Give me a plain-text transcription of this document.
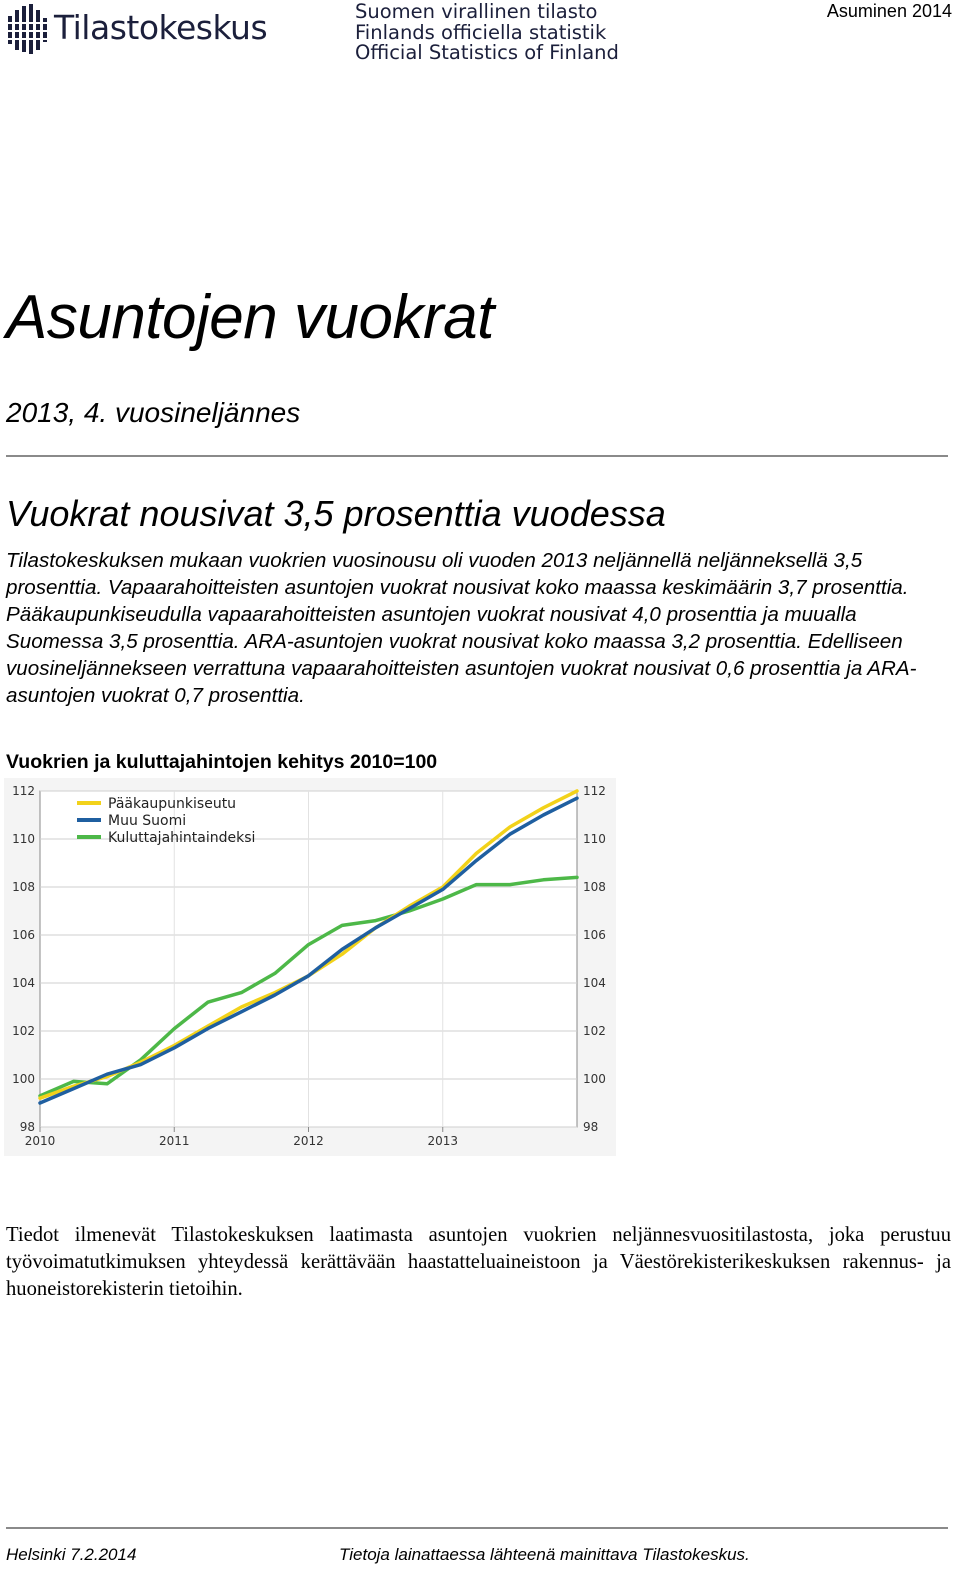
Tilastokeskus	Suomen virallinen tilasto
Finlands officiella statistik
Official Statistics of Finland
Asuminen 2014
Asuntojen vuokrat
2013, 4. vuosineljännes
Vuokrat nousivat 3,5 prosenttia vuodessa
Tilastokeskuksen mukaan vuokrien vuosinousu oli vuoden 2013 neljännellä neljänneksellä 3,5 prosenttia. Vapaarahoitteisten asuntojen vuokrat nousivat koko maassa keskimäärin 3,7 prosenttia. Pääkaupunkiseudulla vapaarahoitteisten asuntojen vuokrat nousivat 4,0 prosenttia ja muualla Suomessa 3,5 prosenttia. ARA-asuntojen vuokrat nousivat koko maassa 3,2 prosenttia. Edelliseen vuosineljännekseen verrattuna vapaarahoitteisten asuntojen vuokrat nousivat 0,6 prosenttia ja ARA-asuntojen vuokrat 0,7 prosenttia.
Vuokrien ja kuluttajahintojen kehitys 2010=100
98	98
100	100
102	102
104	104
106	106
108	108
110	110
112	112
2010	2011	2012	2013
Pääkaupunkiseutu
Muu Suomi
Kuluttajahintaindeksi
Tiedot ilmenevät Tilastokeskuksen laatimasta asuntojen vuokrien neljännesvuositilastosta, joka perustuu työvoimatutkimuksen yhteydessä kerättävään haastatteluaineistoon ja Väestörekisterikeskuksen rakennus- ja huoneistorekisterin tietoihin.
Helsinki 7.2.2014	Tietoja lainattaessa lähteenä mainittava Tilastokeskus.
